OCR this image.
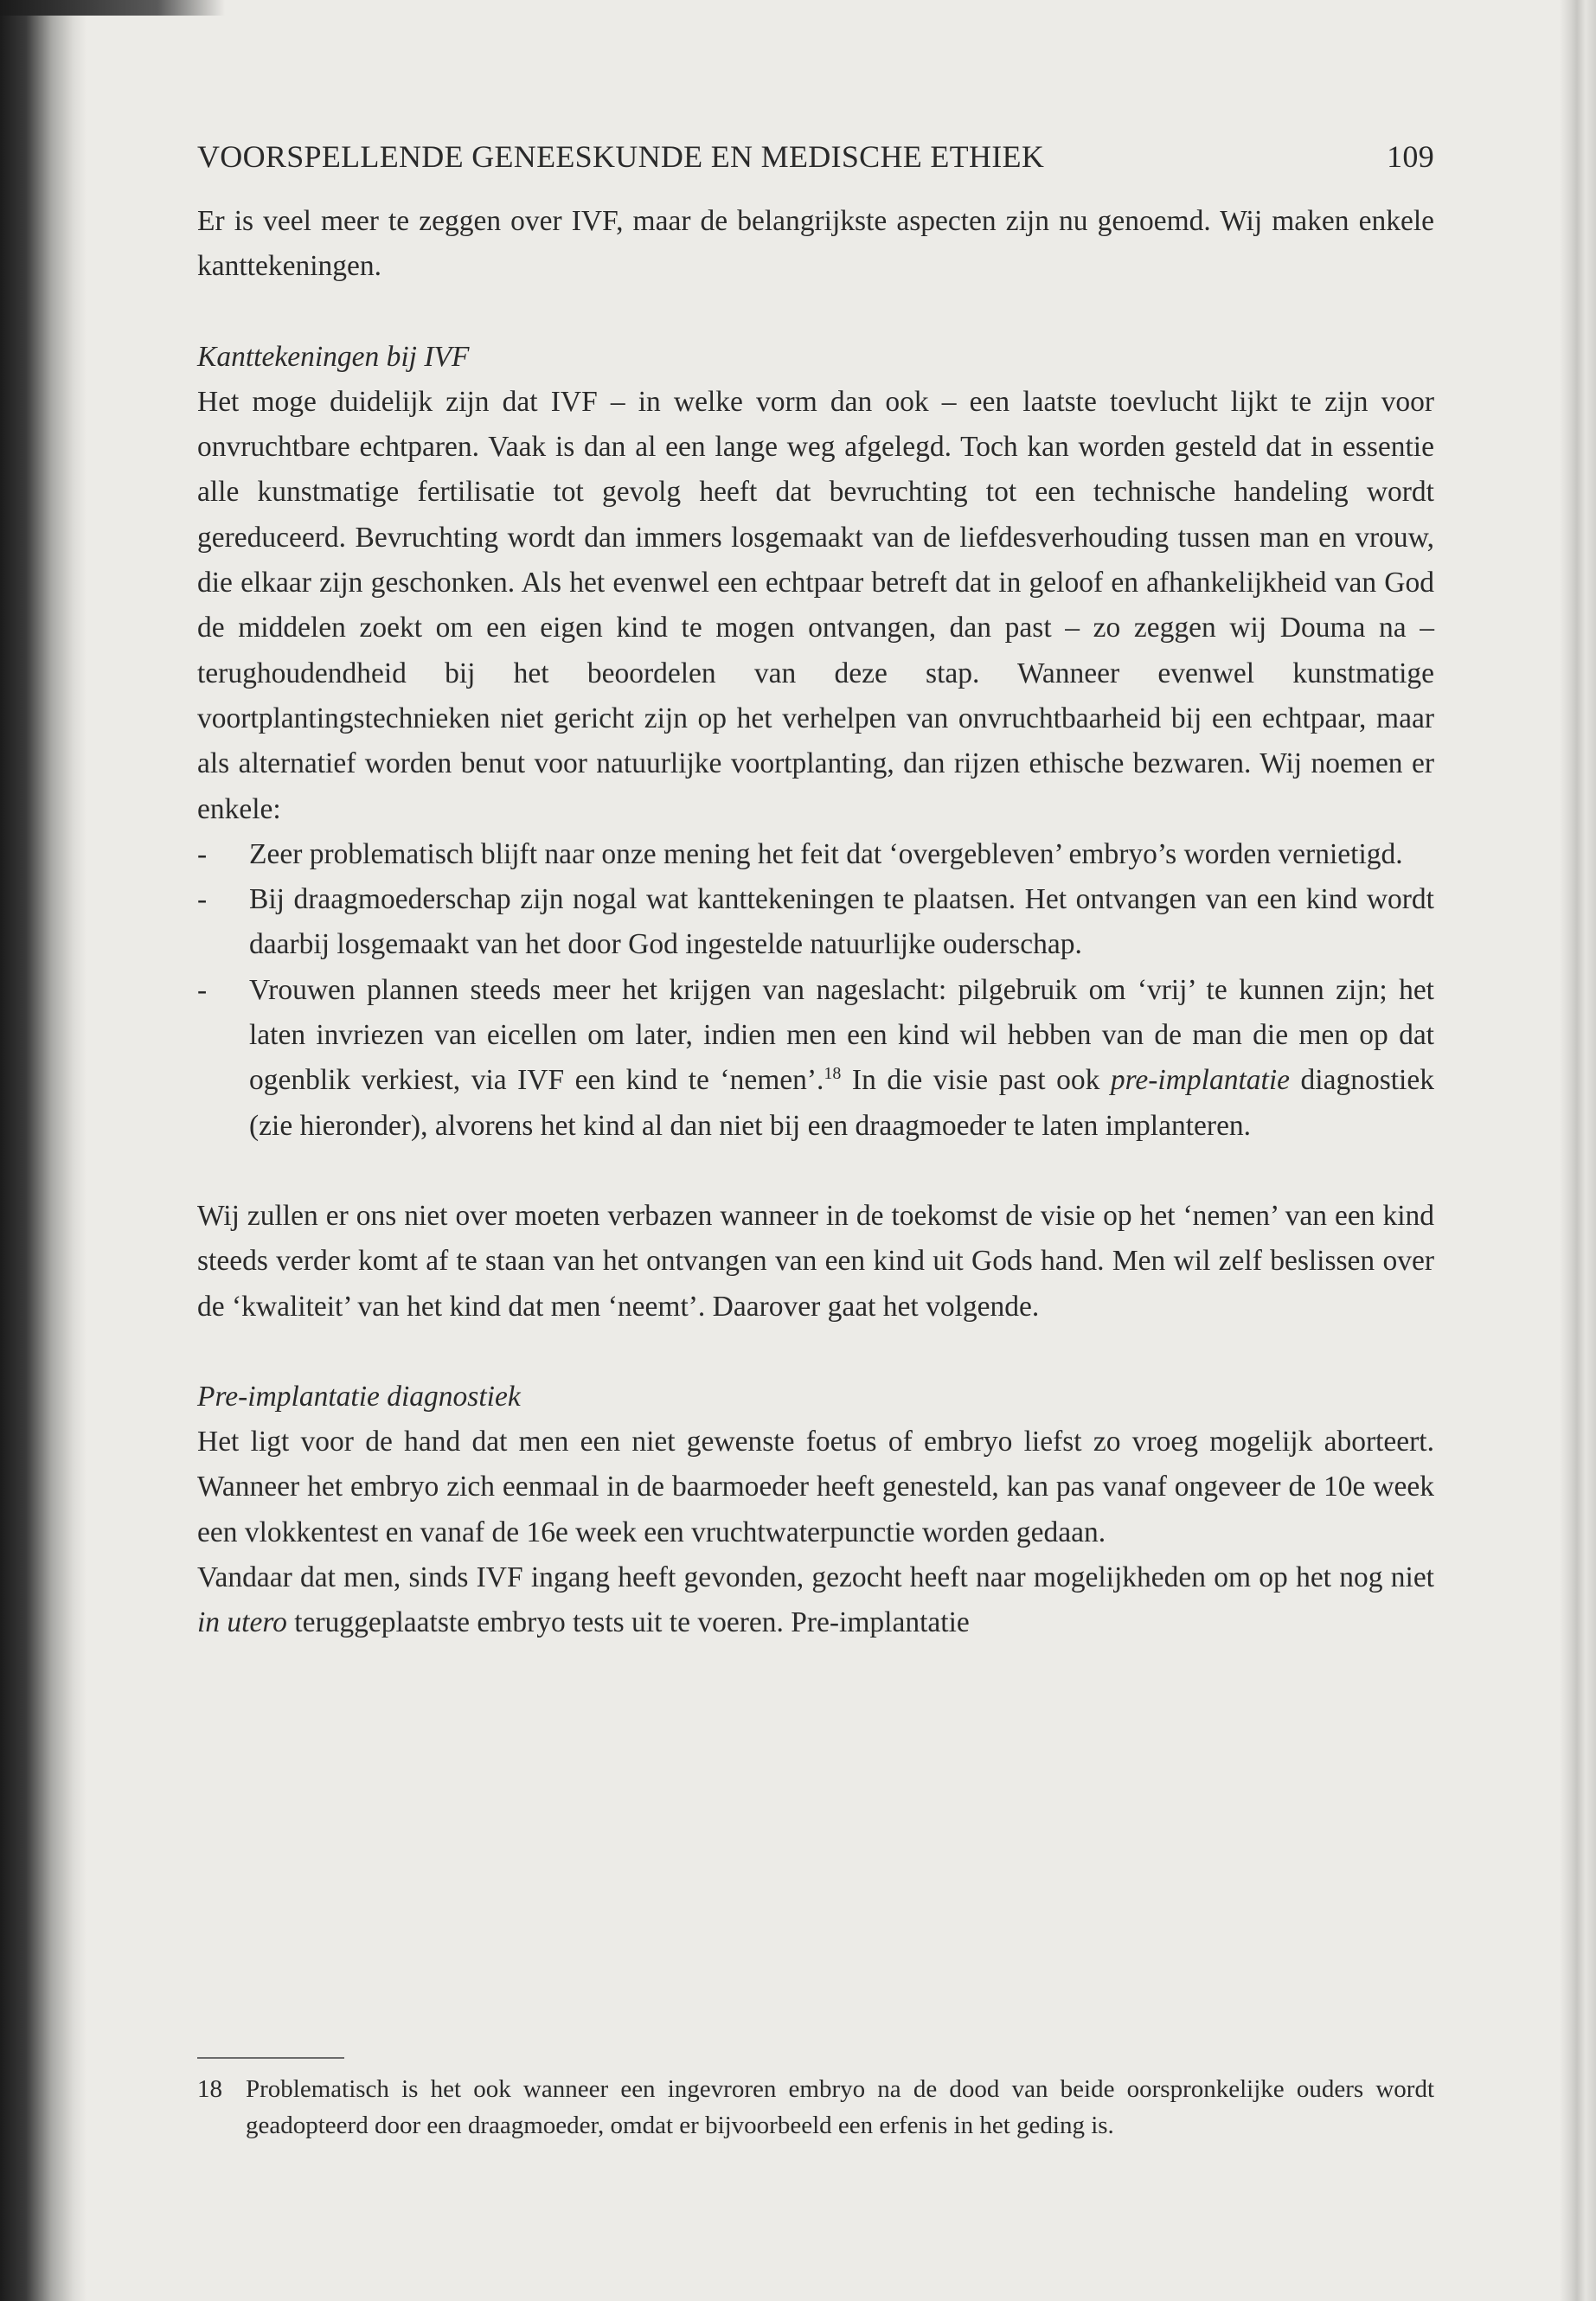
VOORSPELLENDE GENEESKUNDE EN MEDISCHE ETHIEK	109

Er is veel meer te zeggen over IVF, maar de belangrijkste aspecten zijn nu genoemd. Wij maken enkele kanttekeningen.

Kanttekeningen bij IVF

Het moge duidelijk zijn dat IVF – in welke vorm dan ook – een laatste toevlucht lijkt te zijn voor onvruchtbare echtparen. Vaak is dan al een lange weg afgelegd. Toch kan worden gesteld dat in essentie alle kunstmatige fertilisatie tot gevolg heeft dat bevruchting tot een technische handeling wordt gereduceerd. Bevruchting wordt dan immers losgemaakt van de liefdesverhouding tussen man en vrouw, die elkaar zijn geschonken. Als het evenwel een echtpaar betreft dat in geloof en afhankelijkheid van God de middelen zoekt om een eigen kind te mogen ontvangen, dan past – zo zeggen wij Douma na – terughoudendheid bij het beoordelen van deze stap. Wanneer evenwel kunstmatige voortplantingstechnieken niet gericht zijn op het verhelpen van onvruchtbaarheid bij een echtpaar, maar als alternatief worden benut voor natuurlijke voortplanting, dan rijzen ethische bezwaren. Wij noemen er enkele:

- Zeer problematisch blijft naar onze mening het feit dat ‘overgebleven’ embryo’s worden vernietigd.
- Bij draagmoederschap zijn nogal wat kanttekeningen te plaatsen. Het ontvangen van een kind wordt daarbij losgemaakt van het door God ingestelde natuurlijke ouderschap.
- Vrouwen plannen steeds meer het krijgen van nageslacht: pilgebruik om ‘vrij’ te kunnen zijn; het laten invriezen van eicellen om later, indien men een kind wil hebben van de man die men op dat ogenblik verkiest, via IVF een kind te ‘nemen’.$^{18}$ In die visie past ook pre-implantatie diagnostiek (zie hieronder), alvorens het kind al dan niet bij een draagmoeder te laten implanteren.

Wij zullen er ons niet over moeten verbazen wanneer in de toekomst de visie op het ‘nemen’ van een kind steeds verder komt af te staan van het ontvangen van een kind uit Gods hand. Men wil zelf beslissen over de ‘kwaliteit’ van het kind dat men ‘neemt’. Daarover gaat het volgende.

Pre-implantatie diagnostiek

Het ligt voor de hand dat men een niet gewenste foetus of embryo liefst zo vroeg mogelijk aborteert. Wanneer het embryo zich eenmaal in de baarmoeder heeft genesteld, kan pas vanaf ongeveer de 10e week een vlokkentest en vanaf de 16e week een vruchtwaterpunctie worden gedaan.

Vandaar dat men, sinds IVF ingang heeft gevonden, gezocht heeft naar mogelijkheden om op het nog niet in utero teruggeplaatste embryo tests uit te voeren. Pre-implantatie

18 Problematisch is het ook wanneer een ingevroren embryo na de dood van beide oorspronkelijke ouders wordt geadopteerd door een draagmoeder, omdat er bijvoorbeeld een erfenis in het geding is.
